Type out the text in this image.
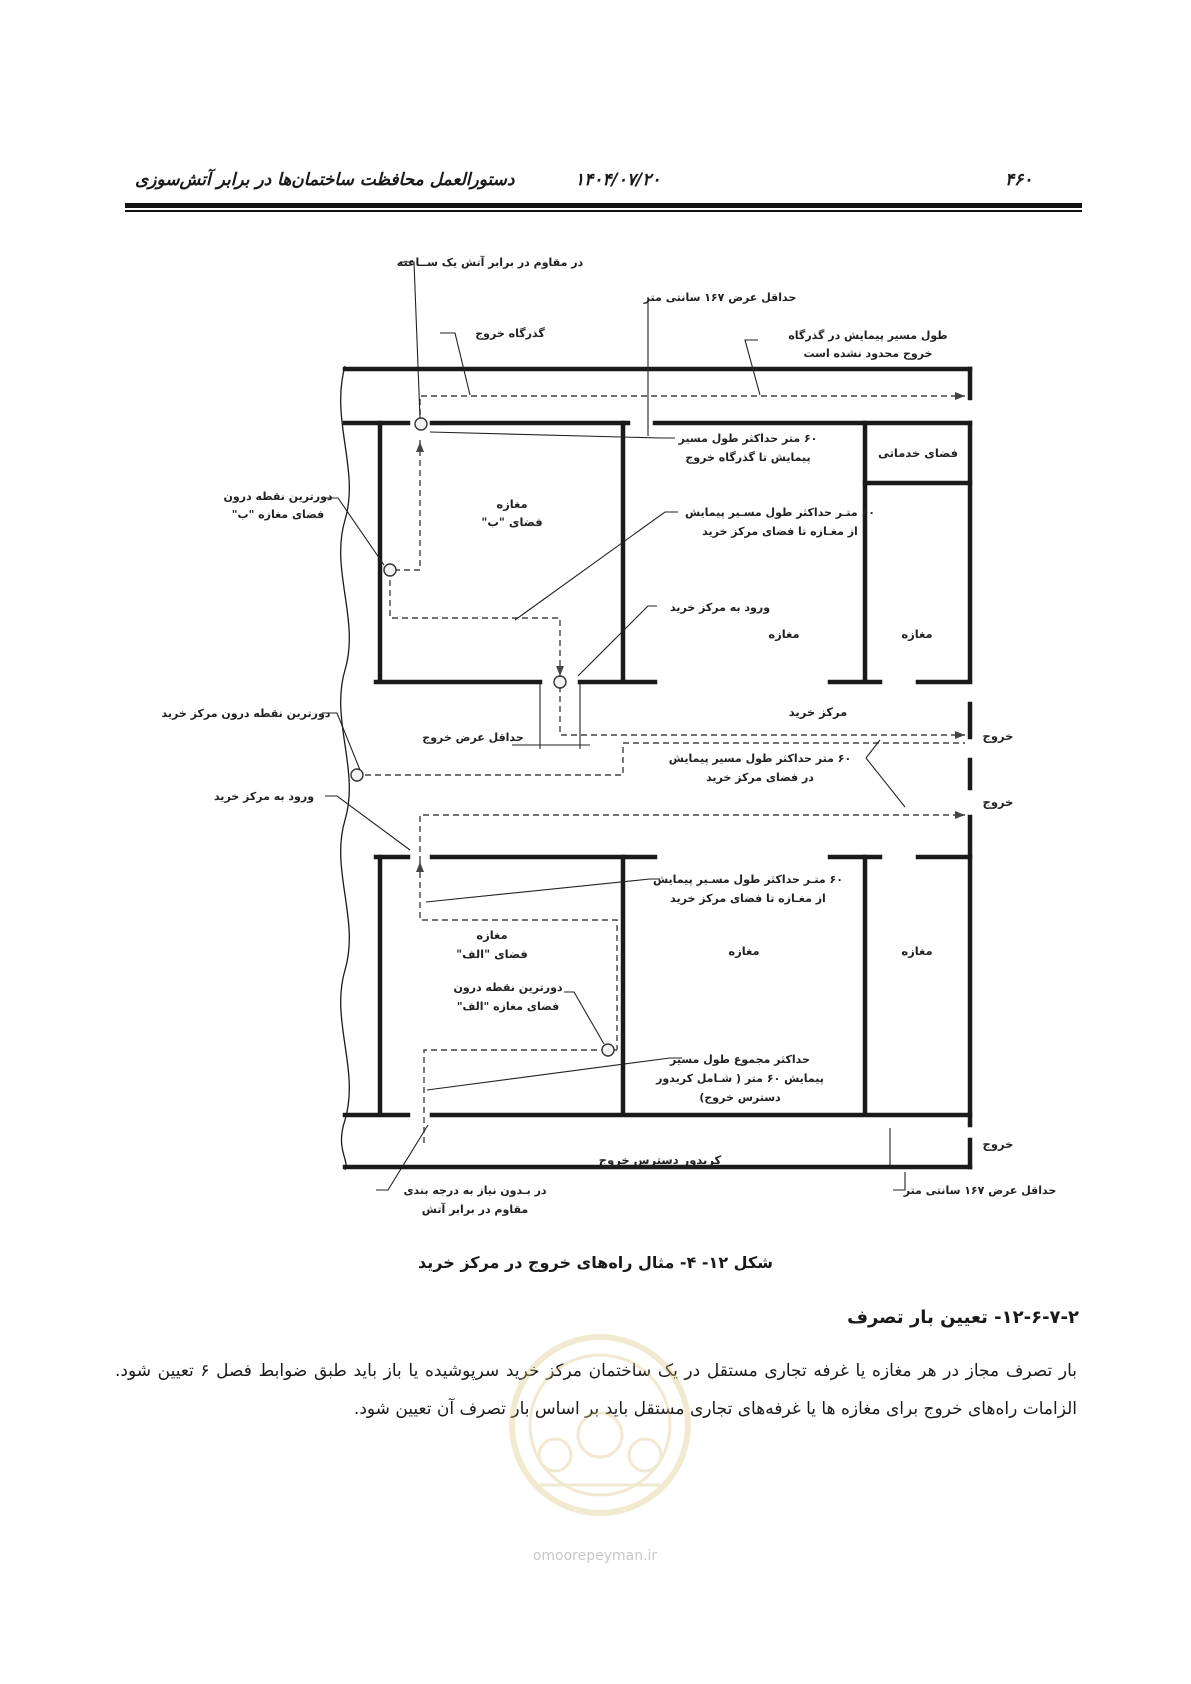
۴۶۰
۱۴۰۴/۰۷/۲۰
دستورالعمل محافظت ساختمان‌ها در برابر آتش‌سوزی
در مقاوم در برابر آتش یک ســاعته
حداقل عرض ۱۶۷ سانتی متر
گذرگاه خروج	طول مسیر پیمایش در گذرگاه
خروج محدود نشده است
۶۰ متر حداکثر طول مسیر
پیمایش تا گذرگاه خروج	فضای خدماتی
دورترین نقطه درون
فضای مغازه "ب"
مغازه
فضای "ب"
۶۰ متـر حداکثر طول مسـیر پیمایش
از مغـازه تا فضای مرکز خرید
ورود به مرکز خرید
مغازه	مغازه
دورترین نقطه درون مرکز خرید	مرکز خرید
حداقل عرض خروج	خروج
۶۰ متر حداکثر طول مسیر پیمایش
در فضای مرکز خرید
خروج
ورود به مرکز خرید
۶۰ متـر حداکثر طول مسـیر پیمایش
از مغـازه تا فضای مرکز خرید
مغازه
فضای "الف"	مغازه	مغازه
دورترین نقطه درون
فضای مغازه "الف"
حداکثر مجموع طول مسیر
پیمایش ۶۰ متر ( شـامل کریدور
دسترس خروج)
خروج
کریدور دسترس خروج
در بـدون نیاز به درجه بندی
مقاوم در برابر آتش
حداقل عرض ۱۶۷ سانتی متر
شکل ۱۲- ۴- مثال راه‌های خروج در مرکز خرید
۱۲-۶-۷-۲- تعیین بار تصرف
بار تصرف مجاز در هر مغازه یا غرفه تجاری مستقل در یک ساختمان مرکز خرید سرپوشیده یا باز باید طبق ضوابط فصل ۶ تعیین شود. الزامات راه‌های خروج برای مغازه ها یا غرفه‌های تجاری مستقل باید بر اساس بار تصرف آن تعیین شود.
omoorepeyman.ir
